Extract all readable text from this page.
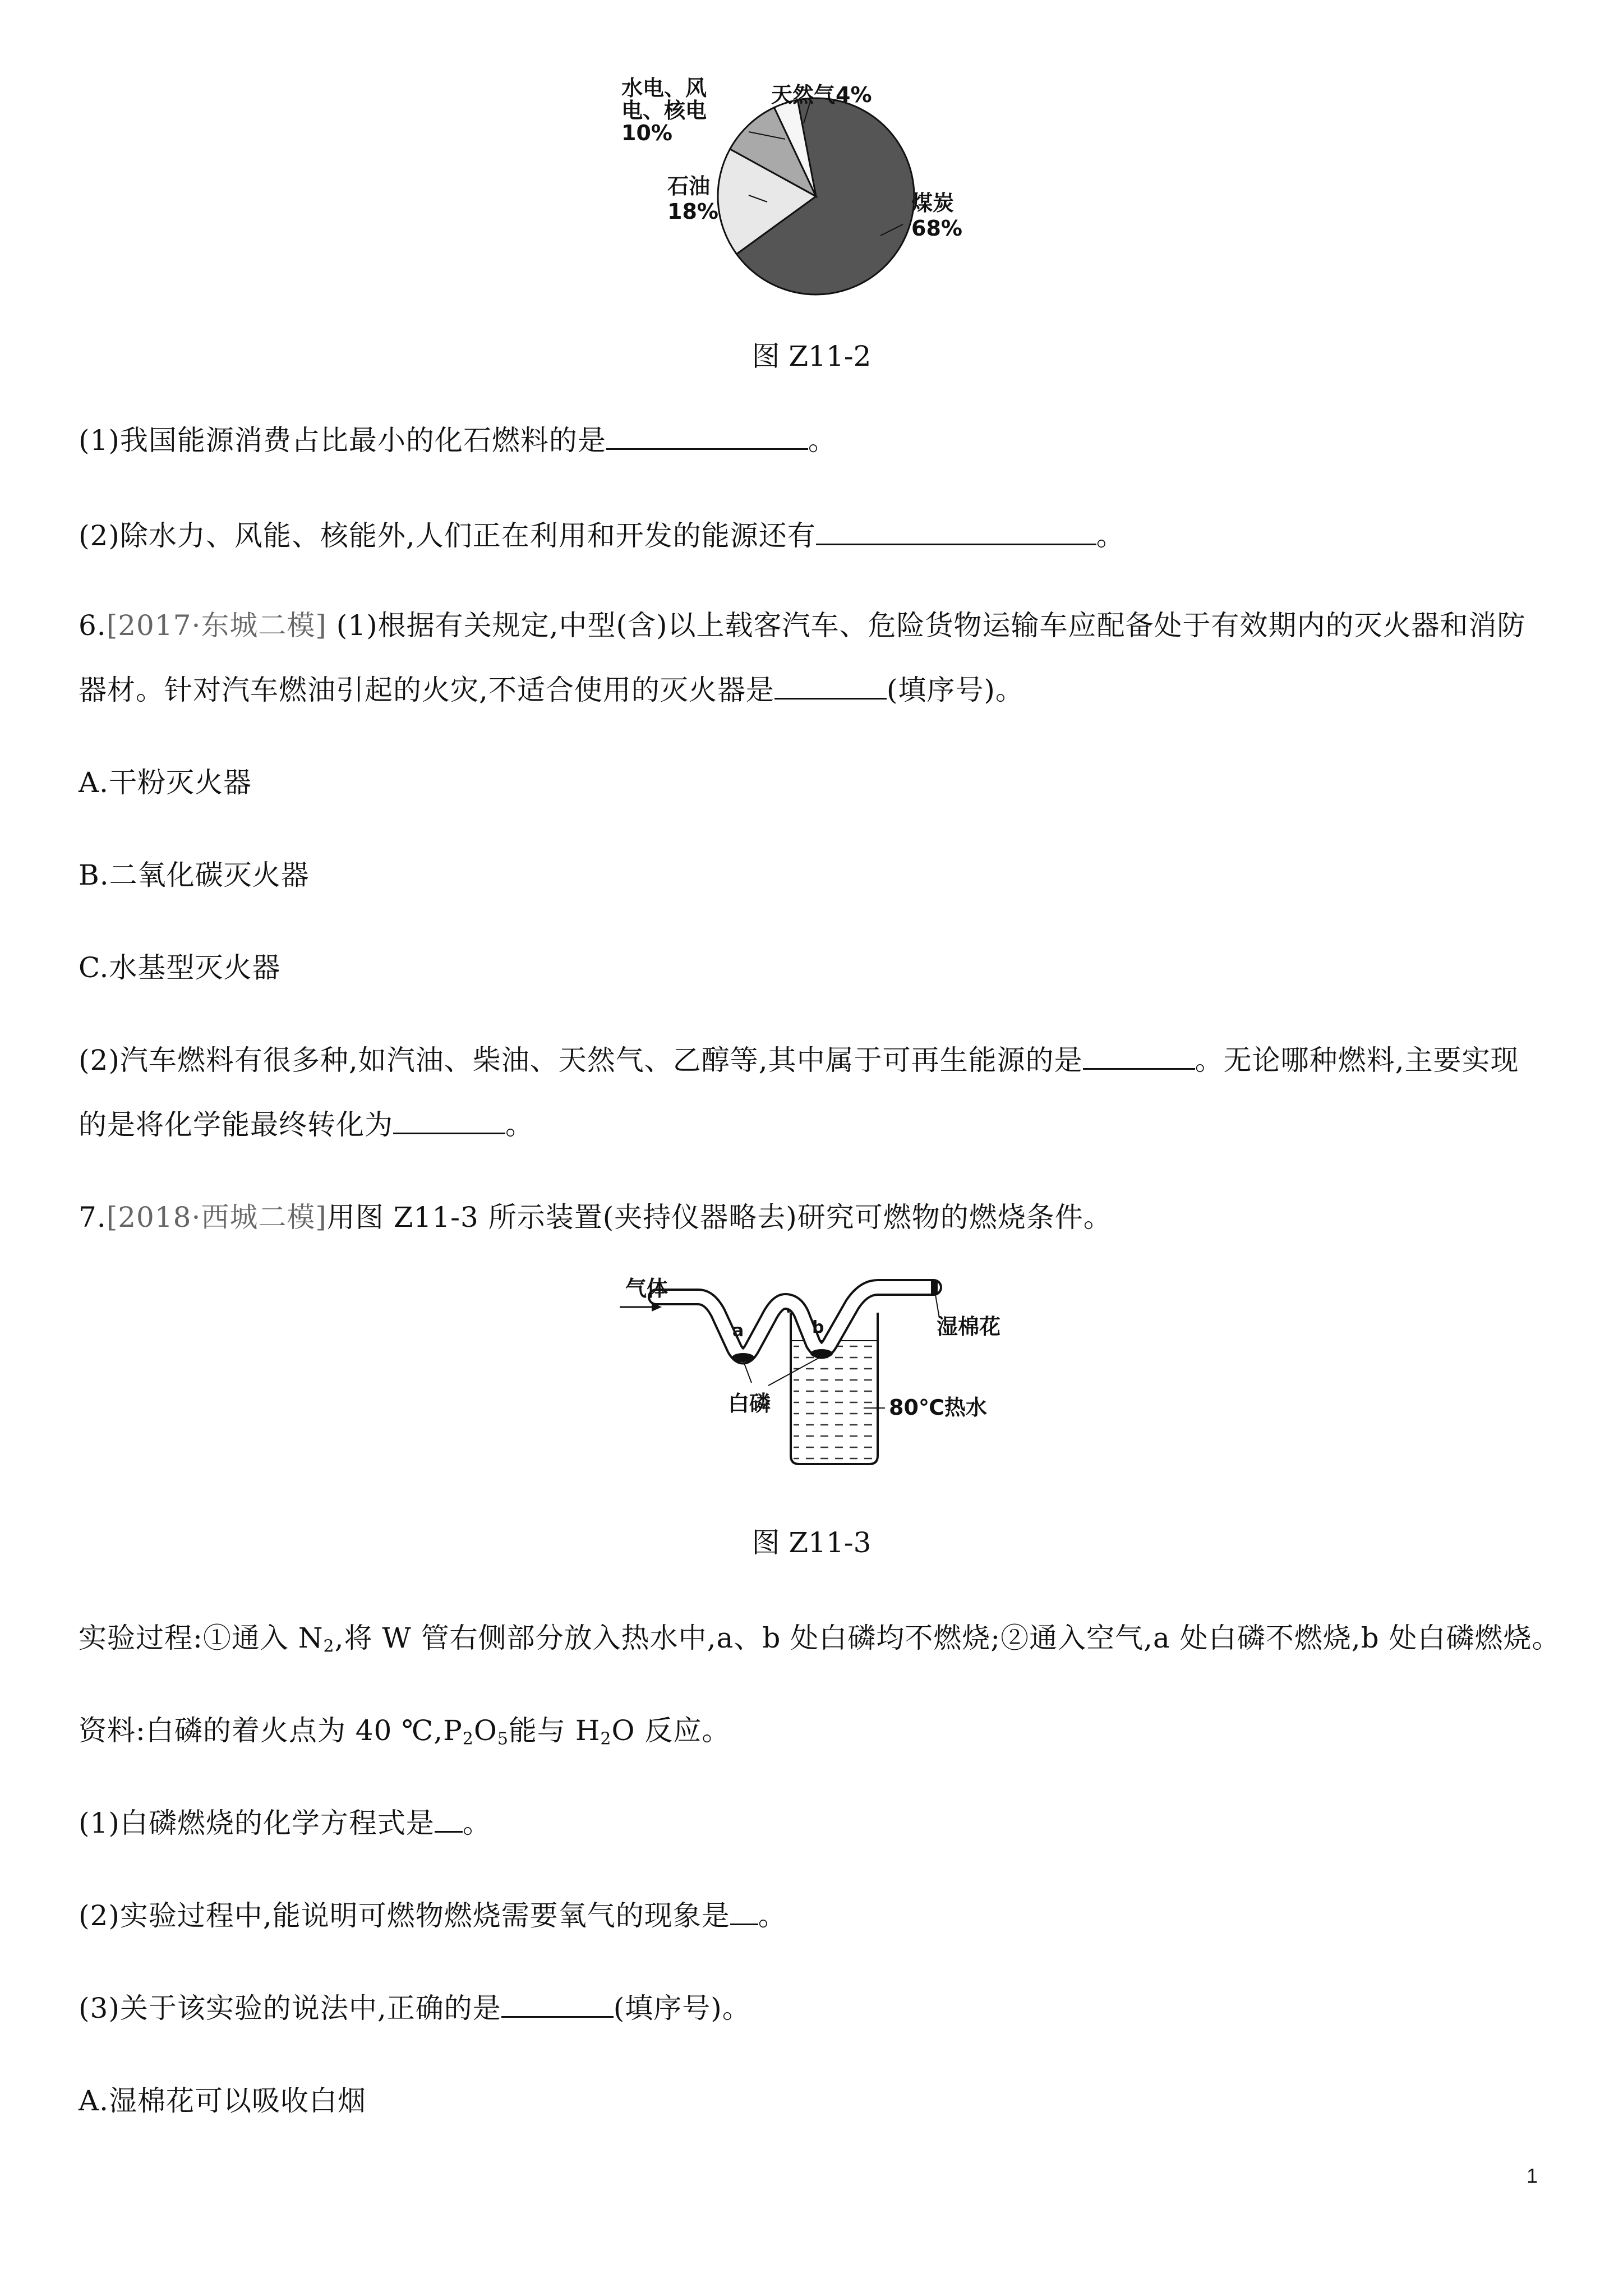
水电、风
电、核电
10%
天然气 4%
石油
18%	煤炭
68%
图 Z11-2
(1)我国能源消费占比最小的化石燃料的是	。
(2)除水力、风能、核能外,人们正在利用和开发的能源还有	。
6.[2017·东城二模] (1)根据有关规定,中型(含)以上载客汽车、危险货物运输车应配备处于有效期内的灭火器和消防
器材。针对汽车燃油引起的火灾,不适合使用的灭火器是	(填序号)。
A.干粉灭火器
B.二氧化碳灭火器
C.水基型灭火器
(2)汽车燃料有很多种,如汽油、柴油、天然气、乙醇等,其中属于可再生能源的是	。无论哪种燃料,主要实现
的是将化学能最终转化为	。
7.[2018·西城二模]用图 Z11-3 所示装置(夹持仪器略去)研究可燃物的燃烧条件。
气体
a	b	湿棉花
白磷	80℃热水
图 Z11-3
实验过程:①通入 $N_2$,将 W 管右侧部分放入热水中,a、b 处白磷均不燃烧;②通入空气,a 处白磷不燃烧,b 处白磷燃烧。
资料:白磷的着火点为 40 $℃,P_2O_5$能与 $H_2O$ 反应。
(1)白磷燃烧的化学方程式是 。
(2)实验过程中,能说明可燃物燃烧需要氧气的现象是 。
(3)关于该实验的说法中,正确的是	(填序号)。
A.湿棉花可以吸收白烟
1
